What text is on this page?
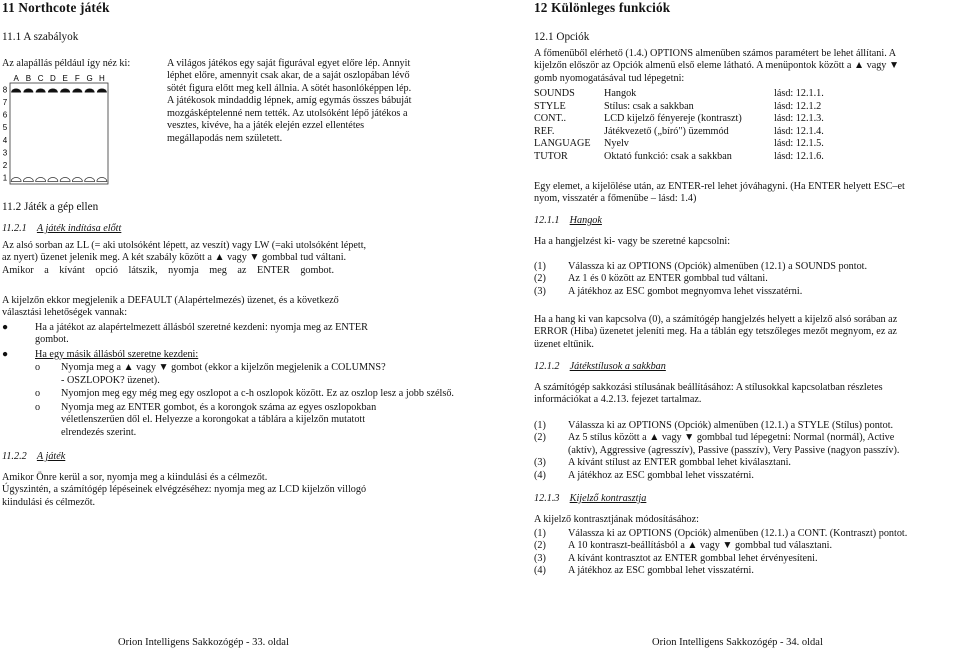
11 Northcote játék
11.1 A szabályok
Az alapállás például így néz ki:
A B C D E F G H
8
7
6
5
4
3
2
1
A világos játékos egy saját figurával egyet előre lép. Annyit
léphet előre, amennyit csak akar, de a saját oszlopában lévő
sötét figura előtt meg kell állnia. A sötét hasonlóképpen lép.
A játékosok mindaddig lépnek, amíg egymás összes bábuját
mozgásképtelenné nem tették. Az utolsóként lépő játékos a
vesztes, kivéve, ha a játék elején ezzel ellentétes
megállapodás nem született.
11.2 Játék a gép ellen
11.2.1 A játék indítása előtt
Az alsó sorban az LL (= aki utolsóként lépett, az veszít) vagy LW (=aki utolsóként lépett,
az nyert) üzenet jelenik meg. A két szabály között a ▲ vagy ▼ gombbal tud váltani.
Amikor a kívánt opció látszik, nyomja meg az ENTER gombot.
A kijelzőn ekkor megjelenik a DEFAULT (Alapértelmezés) üzenet, és a következő
választási lehetőségek vannak:
●	Ha a játékot az alapértelmezett állásból szeretné kezdeni: nyomja meg az ENTER
gombot.
●	Ha egy másik állásból szeretne kezdeni:
o Nyomja meg a ▲ vagy ▼ gombot (ekkor a kijelzőn megjelenik a COLUMNS?
- OSZLOPOK? üzenet).
o Nyomjon meg egy még meg egy oszlopot a c-h oszlopok között. Ez az oszlop lesz a jobb szélső.
o Nyomja meg az ENTER gombot, és a korongok száma az egyes oszlopokban
véletlenszerűen dől el. Helyezze a korongokat a táblára a kijelzőn mutatott
elrendezés szerint.
11.2.2 A játék
Amikor Önre kerül a sor, nyomja meg a kiindulási és a célmezőt.
Úgyszintén, a számítógép lépéseinek elvégzéséhez: nyomja meg az LCD kijelzőn villogó
kiindulási és célmezőt.
Orion Intelligens Sakkozógép - 33. oldal
12 Különleges funkciók
12.1 Opciók
A főmenüből elérhető (1.4.) OPTIONS almenüben számos paramétert be lehet állítani. A
kijelzőn először az Opciók almenü első eleme látható. A menüpontok között a ▲ vagy ▼
gomb nyomogatásával tud lépegetni:
SOUNDS	Hangok	lásd: 12.1.1.
STYLE	Stílus: csak a sakkban	lásd: 12.1.2
CONT..	LCD kijelző fényereje (kontraszt)	lásd: 12.1.3.
REF.	Játékvezető („bíró") üzemmód	lásd: 12.1.4.
LANGUAGE	Nyelv	lásd: 12.1.5.
TUTOR	Oktató funkció: csak a sakkban	lásd: 12.1.6.
Egy elemet, a kijelölése után, az ENTER-rel lehet jóváhagyni. (Ha ENTER helyett ESC–et
nyom, visszatér a főmenübe – lásd: 1.4)
12.1.1 Hangok
Ha a hangjelzést ki- vagy be szeretné kapcsolni:
(1)	Válassza ki az OPTIONS (Opciók) almenüben (12.1) a SOUNDS pontot.
(2)	Az 1 és 0 között az ENTER gombbal tud váltani.
(3)	A játékhoz az ESC gombot megnyomva lehet visszatérni.
Ha a hang ki van kapcsolva (0), a számítógép hangjelzés helyett a kijelző alsó sorában az
ERROR (Hiba) üzenetet jeleníti meg. Ha a táblán egy tetszőleges mezőt megnyom, ez az
üzenet eltűnik.
12.1.2 Játékstílusok a sakkban
A számítógép sakkozási stílusának beállításához: A stílusokkal kapcsolatban részletes
információkat a 4.2.13. fejezet tartalmaz.
(1)	Válassza ki az OPTIONS (Opciók) almenüben (12.1.) a STYLE (Stílus) pontot.
(2)	Az 5 stílus között a ▲ vagy ▼ gombbal tud lépegetni: Normal (normál), Active
(aktív), Aggressive (agresszív), Passive (passzív), Very Passive (nagyon passzív).
(3)	A kívánt stílust az ENTER gombbal lehet kiválasztani.
(4)	A játékhoz az ESC gombbal lehet visszatérni.
12.1.3 Kijelző kontrasztja
A kijelző kontrasztjának módosításához:
(1)	Válassza ki az OPTIONS (Opciók) almenüben (12.1.) a CONT. (Kontraszt) pontot.
(2)	A 10 kontraszt-beállításból a ▲ vagy ▼ gombbal tud választani.
(3)	A kívánt kontrasztot az ENTER gombbal lehet érvényesíteni.
(4)	A játékhoz az ESC gombbal lehet visszatérni.
Orion Intelligens Sakkozógép - 34. oldal
